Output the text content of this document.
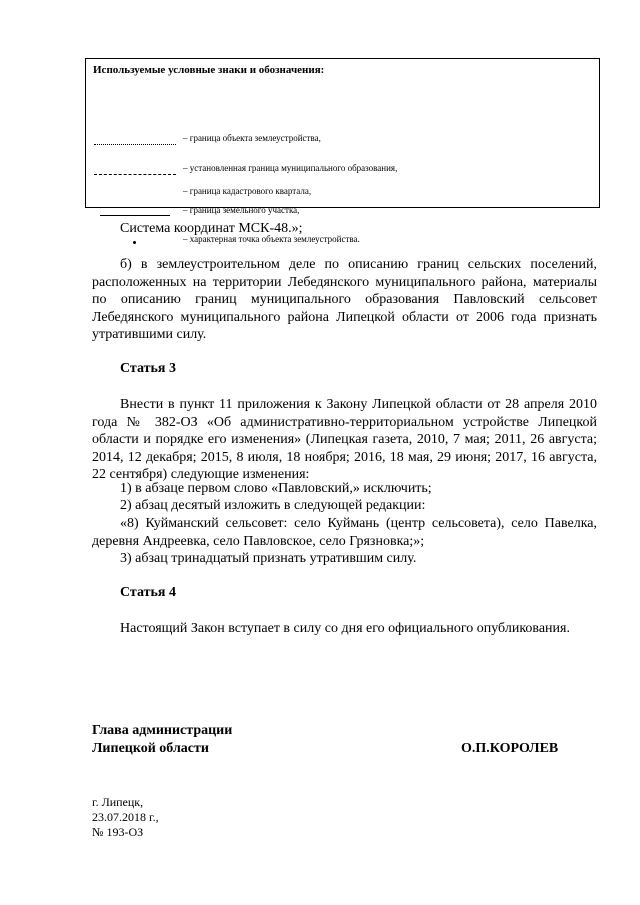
Используемые условные знаки и обозначения:
– граница объекта землеустройства,
– установленная граница муниципального образования,
– граница кадастрового квартала,
– граница земельного участка,
– характерная точка объекта землеустройства.

Система координат МСК-48.»;

б) в землеустроительном деле по описанию границ сельских поселений, расположенных на территории Лебедянского муниципального района, материалы по описанию границ муниципального образования Павловский сельсовет Лебедянского муниципального района Липецкой области от 2006 года признать утратившими силу.

Статья 3

Внести в пункт 11 приложения к Закону Липецкой области от 28 апреля 2010 года № 382-ОЗ «Об административно-территориальном устройстве Липецкой области и порядке его изменения» (Липецкая газета, 2010, 7 мая; 2011, 26 августа; 2014, 12 декабря; 2015, 8 июля, 18 ноября; 2016, 18 мая, 29 июня; 2017, 16 августа, 22 сентября) следующие изменения:

1) в абзаце первом слово «Павловский,» исключить;

2) абзац десятый изложить в следующей редакции:

«8) Куйманский сельсовет: село Куймань (центр сельсовета), село Павелка, деревня Андреевка, село Павловское, село Грязновка;»;

3) абзац тринадцатый признать утратившим силу.

Статья 4

Настоящий Закон вступает в силу со дня его официального опубликования.

Глава администрации

Липецкой области	О.П.КОРОЛЕВ

г. Липецк,

23.07.2018 г.,

№ 193-ОЗ
